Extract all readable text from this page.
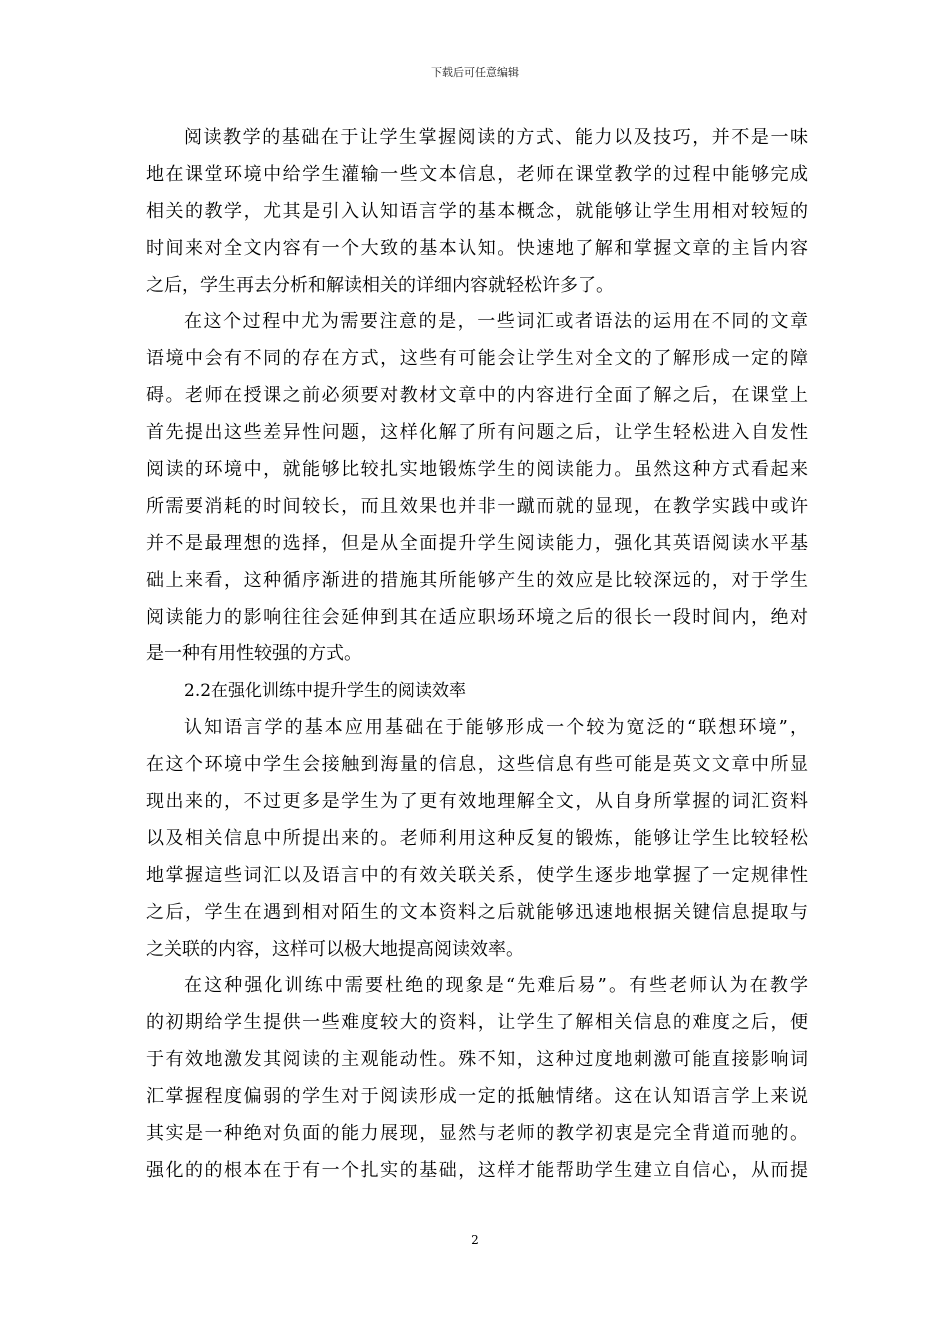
下载后可任意编辑
阅读教学的基础在于让学生掌握阅读的方式、能力以及技巧，并不是一味
地在课堂环境中给学生灌输一些文本信息，老师在课堂教学的过程中能够完成
相关的教学，尤其是引入认知语言学的基本概念，就能够让学生用相对较短的
时间来对全文内容有一个大致的基本认知。快速地了解和掌握文章的主旨内容
之后，学生再去分析和解读相关的详细内容就轻松许多了。
在这个过程中尤为需要注意的是，一些词汇或者语法的运用在不同的文章
语境中会有不同的存在方式，这些有可能会让学生对全文的了解形成一定的障
碍。老师在授课之前必须要对教材文章中的内容进行全面了解之后，在课堂上
首先提出这些差异性问题，这样化解了所有问题之后，让学生轻松进入自发性
阅读的环境中，就能够比较扎实地锻炼学生的阅读能力。虽然这种方式看起来
所需要消耗的时间较长，而且效果也并非一蹴而就的显现，在教学实践中或许
并不是最理想的选择，但是从全面提升学生阅读能力，强化其英语阅读水平基
础上来看，这种循序渐进的措施其所能够产生的效应是比较深远的，对于学生
阅读能力的影响往往会延伸到其在适应职场环境之后的很长一段时间内，绝对
是一种有用性较强的方式。
2.2在强化训练中提升学生的阅读效率
认知语言学的基本应用基础在于能够形成一个较为宽泛的“联想环境”，
在这个环境中学生会接触到海量的信息，这些信息有些可能是英文文章中所显
现出来的，不过更多是学生为了更有效地理解全文，从自身所掌握的词汇资料
以及相关信息中所提出来的。老师利用这种反复的锻炼，能够让学生比较轻松
地掌握這些词汇以及语言中的有效关联关系，使学生逐步地掌握了一定规律性
之后，学生在遇到相对陌生的文本资料之后就能够迅速地根据关键信息提取与
之关联的内容，这样可以极大地提高阅读效率。
在这种强化训练中需要杜绝的现象是“先难后易”。有些老师认为在教学
的初期给学生提供一些难度较大的资料，让学生了解相关信息的难度之后，便
于有效地激发其阅读的主观能动性。殊不知，这种过度地刺激可能直接影响词
汇掌握程度偏弱的学生对于阅读形成一定的抵触情绪。这在认知语言学上来说
其实是一种绝对负面的能力展现，显然与老师的教学初衷是完全背道而驰的。
强化的的根本在于有一个扎实的基础，这样才能帮助学生建立自信心，从而提
2
